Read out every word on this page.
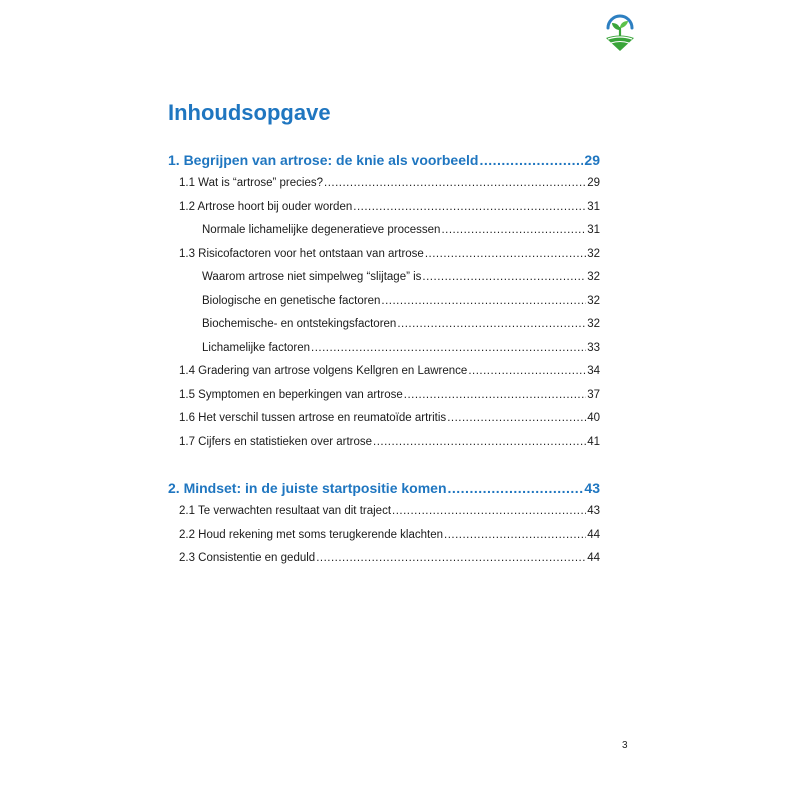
Inhoudsopgave
1. Begrijpen van artrose: de knie als voorbeeld .....	29
1.1 Wat is “artrose” precies? .....	29
1.2 Artrose hoort bij ouder worden .....	31
Normale lichamelijke degeneratieve processen .....	31
1.3 Risicofactoren voor het ontstaan van artrose .....	32
Waarom artrose niet simpelweg “slijtage” is .....	32
Biologische en genetische factoren .....	32
Biochemische- en ontstekingsfactoren .....	32
Lichamelijke factoren .....	33
1.4 Gradering van artrose volgens Kellgren en Lawrence .....	34
1.5 Symptomen en beperkingen van artrose .....	37
1.6 Het verschil tussen artrose en reumatoïde artritis .....	40
1.7 Cijfers en statistieken over artrose .....	41
2. Mindset: in de juiste startpositie komen .....	43
2.1 Te verwachten resultaat van dit traject .....	43
2.2 Houd rekening met soms terugkerende klachten .....	44
2.3 Consistentie en geduld .....	44
3
